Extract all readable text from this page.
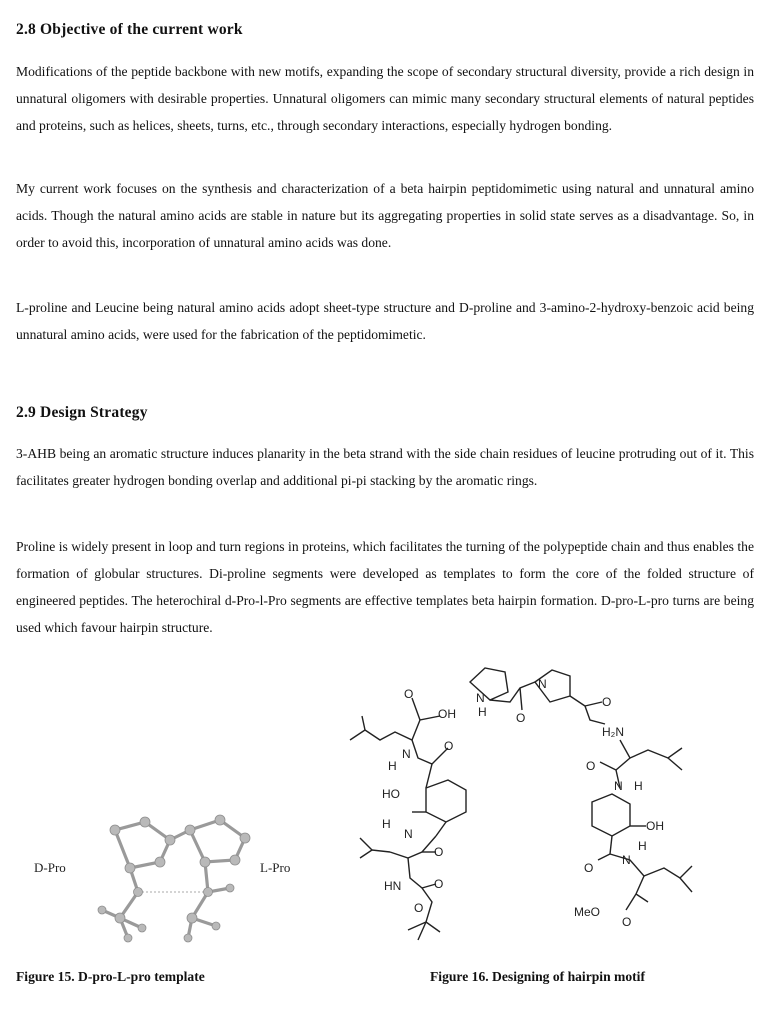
2.8 Objective of the current work

Modifications of the peptide backbone with new motifs, expanding the scope of secondary structural diversity, provide a rich design in unnatural oligomers with desirable properties. Unnatural oligomers can mimic many secondary structural elements of natural peptides and proteins, such as helices, sheets, turns, etc., through secondary interactions, especially hydrogen bonding.

My current work focuses on the synthesis and characterization of a beta hairpin peptidomimetic using natural and unnatural amino acids. Though the natural amino acids are stable in nature but its aggregating properties in solid state serves as a disadvantage. So, in order to avoid this, incorporation of unnatural amino acids was done.

L-proline and Leucine being natural amino acids adopt sheet-type structure and D-proline and 3-amino-2-hydroxy-benzoic acid being unnatural amino acids, were used for the fabrication of the peptidomimetic.

2.9 Design Strategy

3-AHB being an aromatic structure induces planarity in the beta strand with the side chain residues of leucine protruding out of it. This facilitates greater hydrogen bonding overlap and additional pi-pi stacking by the aromatic rings.

Proline is widely present in loop and turn regions in proteins, which facilitates the turning of the polypeptide chain and thus enables the formation of globular structures. Di-proline segments were developed as templates to form the core of the folded structure of engineered peptides. The heterochiral d-Pro-l-Pro segments are effective templates beta hairpin formation. D-pro-L-pro turns are being used which favour hairpin structure.

D-Pro	L-Pro
N
H
N
O
O
O
OH
N
H
O
HO
H
N
O
HN	O
O
H₂N
O
N H
OH
O
H
N
MeO
O
Figure 15. D-pro-L-pro template	Figure 16. Designing of hairpin motif
